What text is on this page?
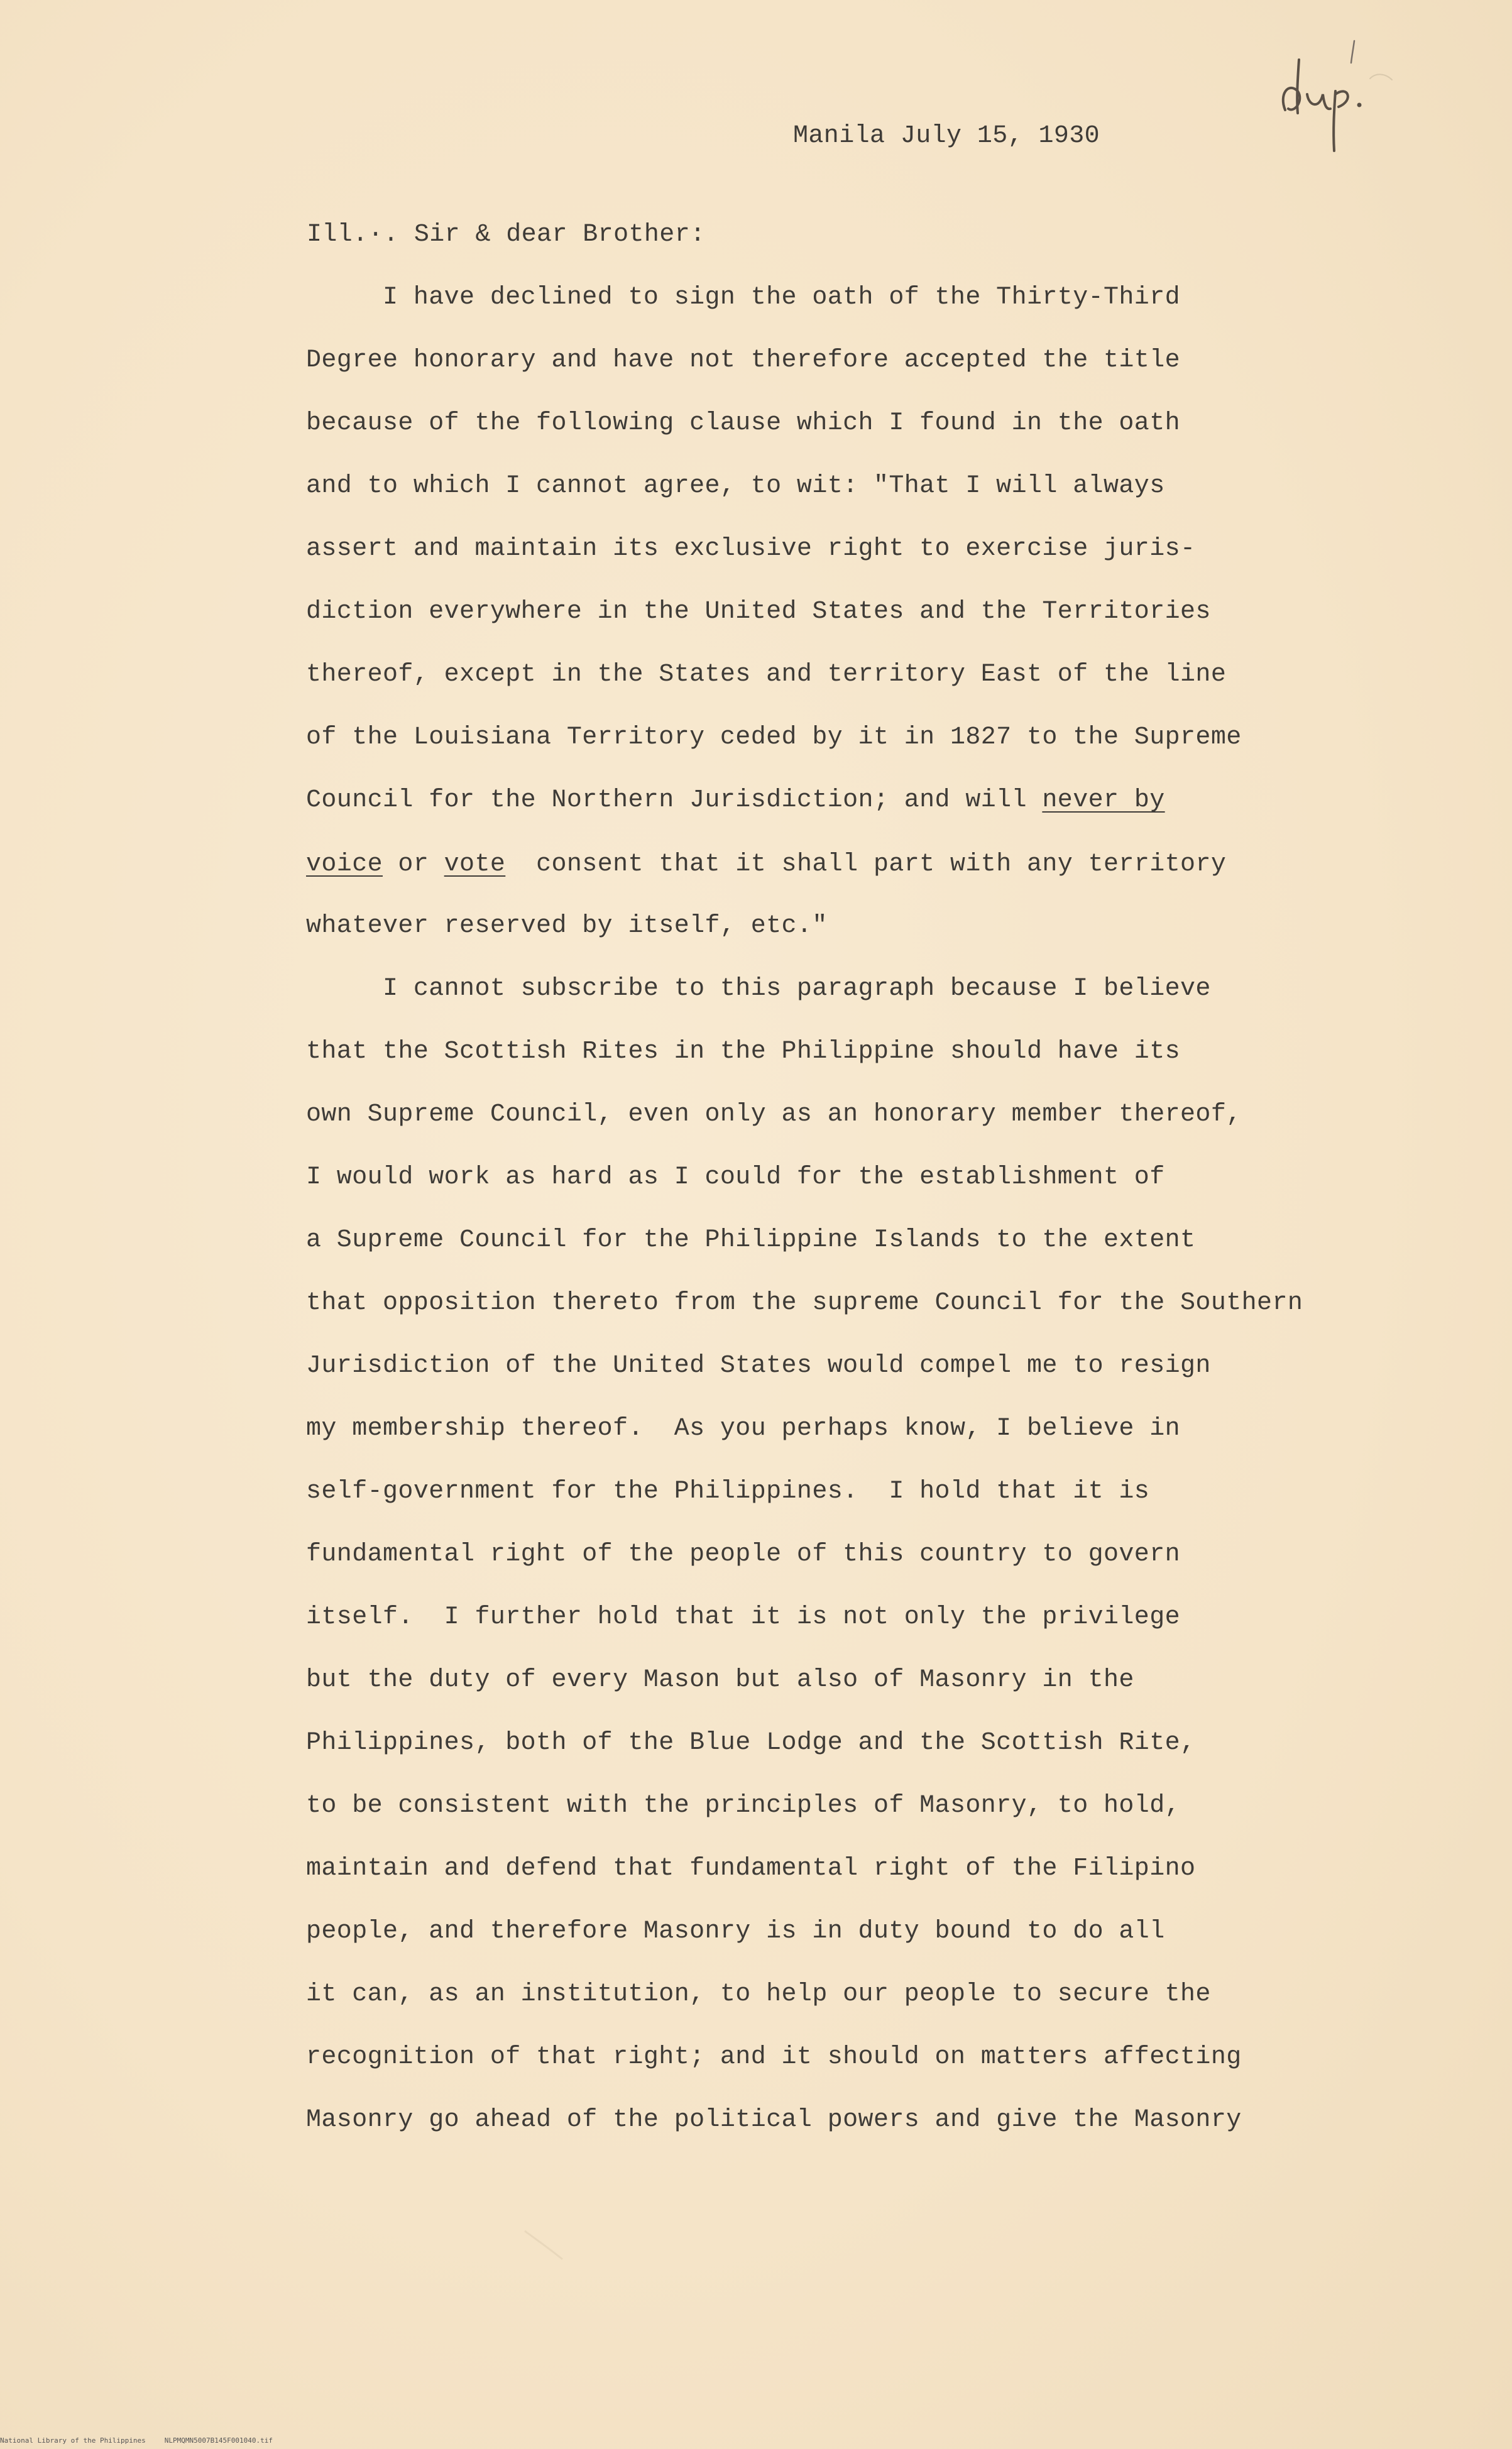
Manila July 15, 1930
Ill.·. Sir & dear Brother:
I have declined to sign the oath of the Thirty-Third
Degree honorary and have not therefore accepted the title
because of the following clause which I found in the oath
and to which I cannot agree, to wit: "That I will always
assert and maintain its exclusive right to exercise juris-
diction everywhere in the United States and the Territories
thereof, except in the States and territory East of the line
of the Louisiana Territory ceded by it in 1827 to the Supreme
Council for the Northern Jurisdiction; and will never by
voice or vote  consent that it shall part with any territory
whatever reserved by itself, etc."
I cannot subscribe to this paragraph because I believe
that the Scottish Rites in the Philippine should have its
own Supreme Council, even only as an honorary member thereof,
I would work as hard as I could for the establishment of
a Supreme Council for the Philippine Islands to the extent
that opposition thereto from the supreme Council for the Southern
Jurisdiction of the United States would compel me to resign
my membership thereof.  As you perhaps know, I believe in
self-government for the Philippines.  I hold that it is
fundamental right of the people of this country to govern
itself.  I further hold that it is not only the privilege
but the duty of every Mason but also of Masonry in the
Philippines, both of the Blue Lodge and the Scottish Rite,
to be consistent with the principles of Masonry, to hold,
maintain and defend that fundamental right of the Filipino
people, and therefore Masonry is in duty bound to do all
it can, as an institution, to help our people to secure the
recognition of that right; and it should on matters affecting
Masonry go ahead of the political powers and give the Masonry
National Library of the Philippines	NLPMQMN5007B145F001040.tif
